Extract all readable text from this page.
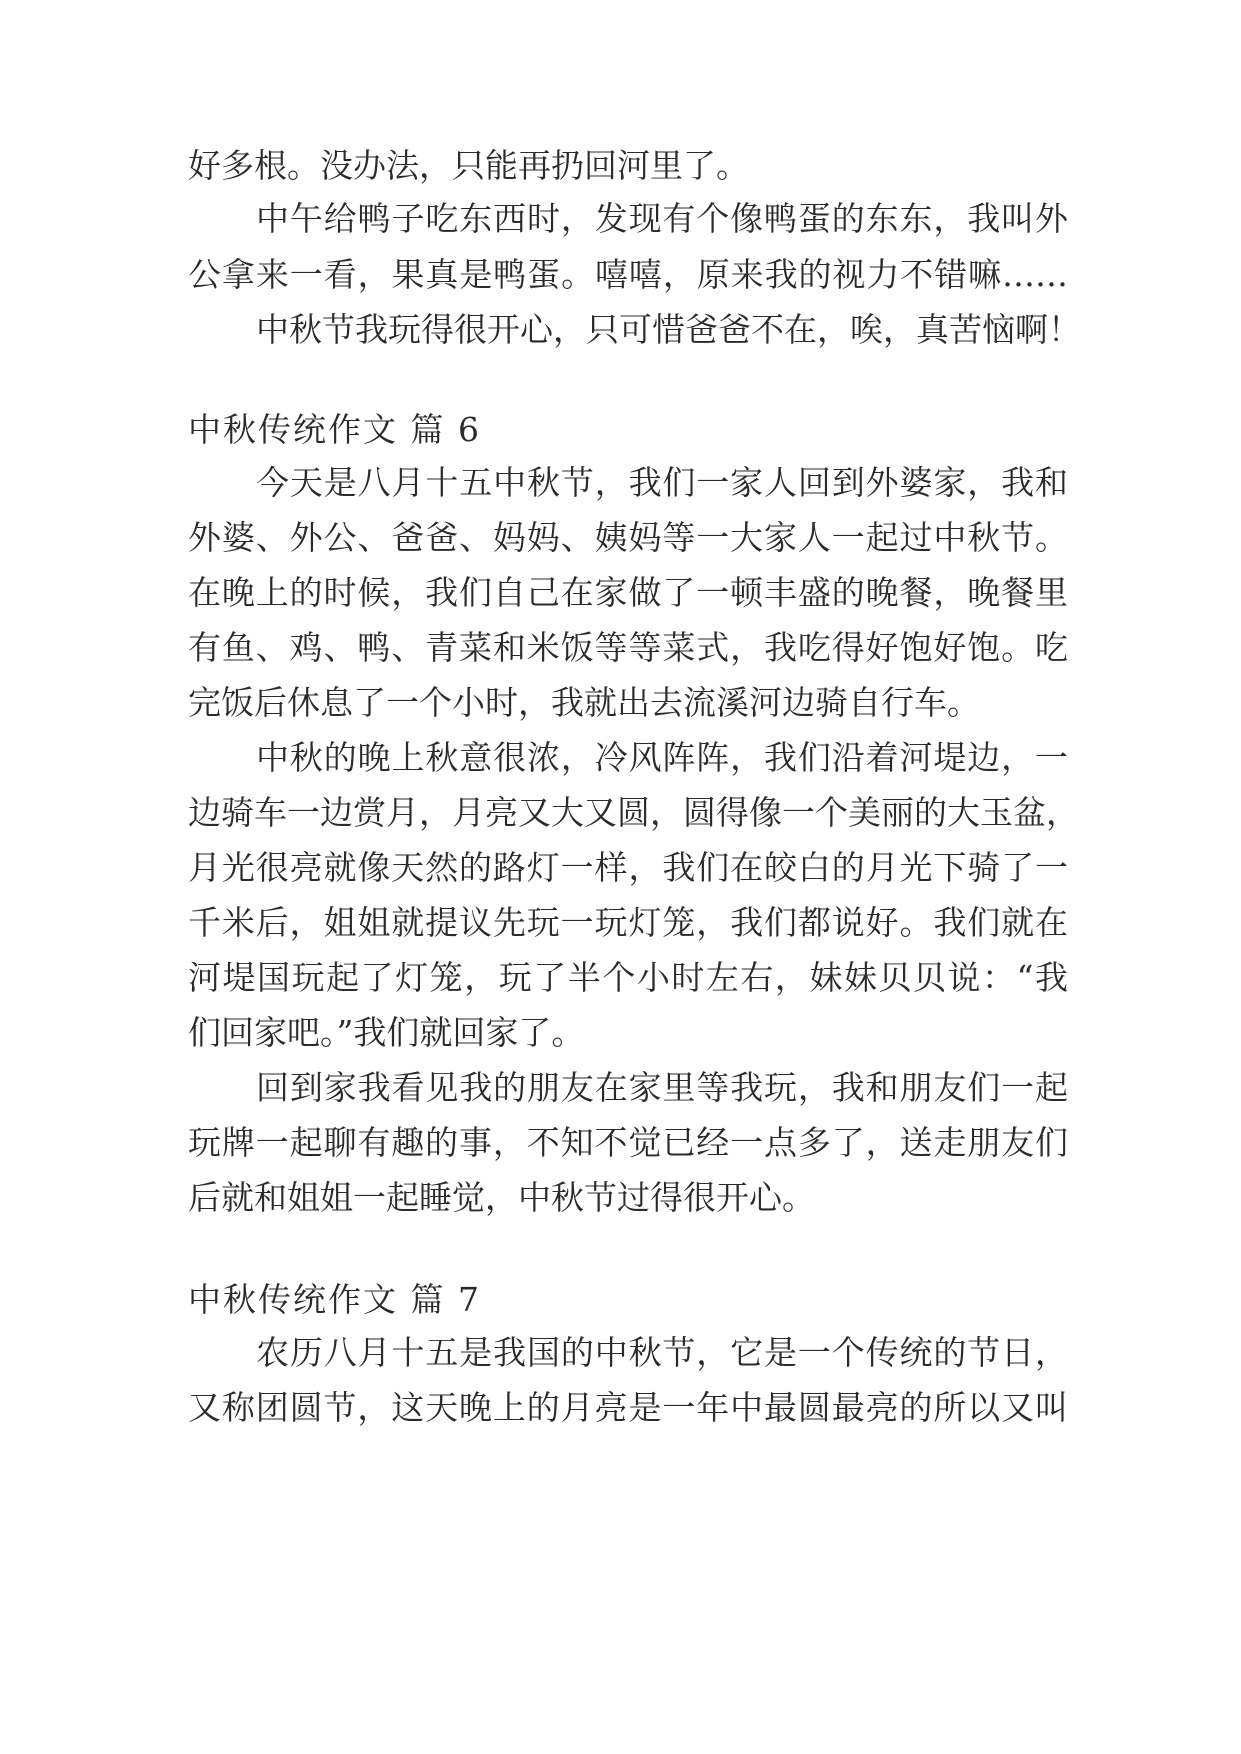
好多根。没办法，只能再扔回河里了。
中午给鸭子吃东西时，发现有个像鸭蛋的东东，我叫外
公拿来一看，果真是鸭蛋。嘻嘻，原来我的视力不错嘛……
中秋节我玩得很开心，只可惜爸爸不在，唉，真苦恼啊！
中秋传统作文 篇 6
今天是八月十五中秋节，我们一家人回到外婆家，我和
外婆、外公、爸爸、妈妈、姨妈等一大家人一起过中秋节。
在晚上的时候，我们自己在家做了一顿丰盛的晚餐，晚餐里
有鱼、鸡、鸭、青菜和米饭等等菜式，我吃得好饱好饱。吃
完饭后休息了一个小时，我就出去流溪河边骑自行车。
中秋的晚上秋意很浓，冷风阵阵，我们沿着河堤边，一
边骑车一边赏月，月亮又大又圆，圆得像一个美丽的大玉盆，
月光很亮就像天然的路灯一样，我们在皎白的月光下骑了一
千米后，姐姐就提议先玩一玩灯笼，我们都说好。我们就在
河堤国玩起了灯笼，玩了半个小时左右，妹妹贝贝说：“我
们回家吧。”我们就回家了。
回到家我看见我的朋友在家里等我玩，我和朋友们一起
玩牌一起聊有趣的事，不知不觉已经一点多了，送走朋友们
后就和姐姐一起睡觉，中秋节过得很开心。
中秋传统作文 篇 7
农历八月十五是我国的中秋节，它是一个传统的节日，
又称团圆节，这天晚上的月亮是一年中最圆最亮的所以又叫
